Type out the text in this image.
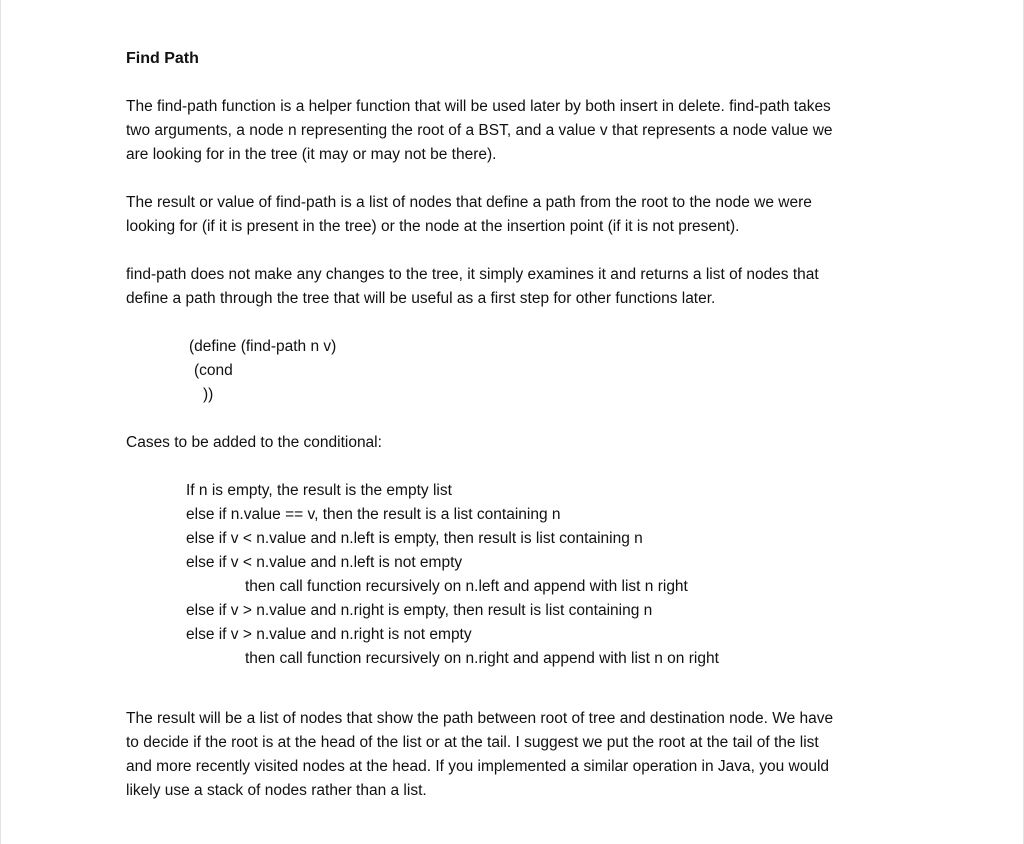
Find Path
The find-path function is a helper function that will be used later by both insert in delete. find-path takes
two arguments, a node n representing the root of a BST, and a value v that represents a node value we
are looking for in the tree (it may or may not be there).
The result or value of find-path is a list of nodes that define a path from the root to the node we were
looking for (if it is present in the tree) or the node at the insertion point (if it is not present).
find-path does not make any changes to the tree, it simply examines it and returns a list of nodes that
define a path through the tree that will be useful as a first step for other functions later.
(define (find-path n v)
(cond
))
Cases to be added to the conditional:
If n is empty, the result is the empty list
else if n.value == v, then the result is a list containing n
else if v < n.value and n.left is empty, then result is list containing n
else if v < n.value and n.left is not empty
then call function recursively on n.left and append with list n right
else if v > n.value and n.right is empty, then result is list containing n
else if v > n.value and n.right is not empty
then call function recursively on n.right and append with list n on right
The result will be a list of nodes that show the path between root of tree and destination node. We have
to decide if the root is at the head of the list or at the tail. I suggest we put the root at the tail of the list
and more recently visited nodes at the head. If you implemented a similar operation in Java, you would
likely use a stack of nodes rather than a list.
